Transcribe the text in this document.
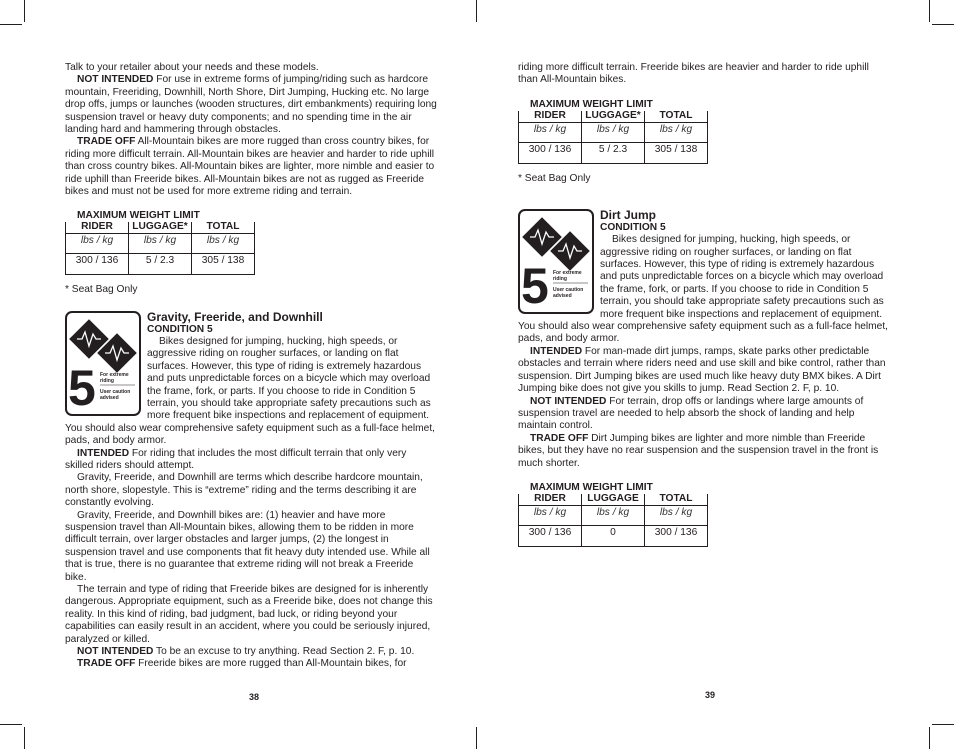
Talk to your retailer about your needs and these models.

NOT INTENDED For use in extreme forms of jumping/riding such as hardcore mountain, Freeriding, Downhill, North Shore, Dirt Jumping, Hucking etc. No large drop offs, jumps or launches (wooden structures, dirt embankments) requiring long suspension travel or heavy duty components; and no spending time in the air landing hard and hammering through obstacles.

TRADE OFF All-Mountain bikes are more rugged than cross country bikes, for riding more difficult terrain. All-Mountain bikes are heavier and harder to ride uphill than cross country bikes. All-Mountain bikes are lighter, more nimble and easier to ride uphill than Freeride bikes. All-Mountain bikes are not as rugged as Freeride bikes and must not be used for more extreme riding and terrain.

MAXIMUM WEIGHT LIMIT
RIDER	LUGGAGE*	TOTAL
lbs / kg	lbs / kg	lbs / kg
300 / 136	5 / 2.3	305 / 138

* Seat Bag Only

5 For extreme
riding
User caution
advised
Gravity, Freeride, and Downhill
CONDITION 5

Bikes designed for jumping, hucking, high speeds, or aggressive riding on rougher surfaces, or landing on flat surfaces. However, this type of riding is extremely hazardous and puts unpredictable forces on a bicycle which may overload the frame, fork, or parts. If you choose to ride in Condition 5 terrain, you should take appropriate safety precautions such as more frequent bike inspections and replacement of equipment. You should also wear comprehensive safety equipment such as a full-face helmet, pads, and body armor.

INTENDED For riding that includes the most difficult terrain that only very skilled riders should attempt.

Gravity, Freeride, and Downhill are terms which describe hardcore mountain, north shore, slopestyle. This is “extreme” riding and the terms describing it are constantly evolving.

Gravity, Freeride, and Downhill bikes are: (1) heavier and have more suspension travel than All-Mountain bikes, allowing them to be ridden in more difficult terrain, over larger obstacles and larger jumps, (2) the longest in suspension travel and use components that fit heavy duty intended use. While all that is true, there is no guarantee that extreme riding will not break a Freeride bike.

The terrain and type of riding that Freeride bikes are designed for is inherently dangerous. Appropriate equipment, such as a Freeride bike, does not change this reality. In this kind of riding, bad judgment, bad luck, or riding beyond your capabilities can easily result in an accident, where you could be seriously injured, paralyzed or killed.

NOT INTENDED To be an excuse to try anything. Read Section 2. F, p. 10.

TRADE OFF Freeride bikes are more rugged than All-Mountain bikes, for

38

riding more difficult terrain. Freeride bikes are heavier and harder to ride uphill than All-Mountain bikes.

MAXIMUM WEIGHT LIMIT
RIDER	LUGGAGE*	TOTAL
lbs / kg	lbs / kg	lbs / kg
300 / 136	5 / 2.3	305 / 138

* Seat Bag Only

5 For extreme
riding
User caution
advised
Dirt Jump
CONDITION 5

Bikes designed for jumping, hucking, high speeds, or aggressive riding on rougher surfaces, or landing on flat surfaces. However, this type of riding is extremely hazardous and puts unpredictable forces on a bicycle which may overload the frame, fork, or parts. If you choose to ride in Condition 5 terrain, you should take appropriate safety precautions such as more frequent bike inspections and replacement of equipment. You should also wear comprehensive safety equipment such as a full-face helmet, pads, and body armor.

INTENDED For man-made dirt jumps, ramps, skate parks other predictable obstacles and terrain where riders need and use skill and bike control, rather than suspension. Dirt Jumping bikes are used much like heavy duty BMX bikes. A Dirt Jumping bike does not give you skills to jump. Read Section 2. F, p. 10.

NOT INTENDED For terrain, drop offs or landings where large amounts of suspension travel are needed to help absorb the shock of landing and help maintain control.

TRADE OFF Dirt Jumping bikes are lighter and more nimble than Freeride bikes, but they have no rear suspension and the suspension travel in the front is much shorter.

MAXIMUM WEIGHT LIMIT
RIDER	LUGGAGE	TOTAL
lbs / kg	lbs / kg	lbs / kg
300 / 136	0	300 / 136
39
